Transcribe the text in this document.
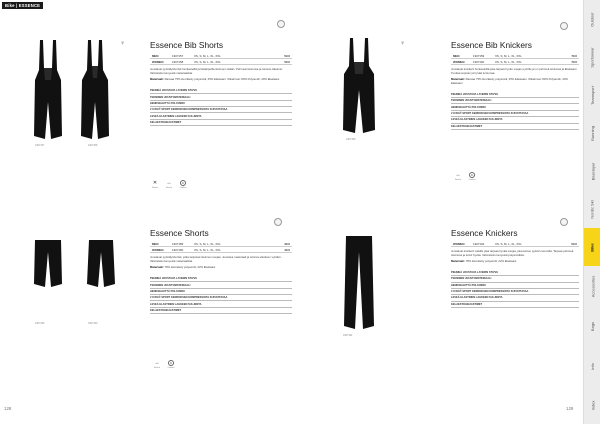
Bike | ESSENCE
Outdoor
Sportswear
Teamsport
Running
Baselayer
Nordic Ski
Bike
Accessories
Bags
Info
Index
♀
1907157	1907158
Essence Bib Shorts
MEN	1907157	XS, S, M, L, XL, XXL	59 €
WOMEN	1907158	XS, S, M, L, XL, XXL	59 €

Joustavat pyöräilyshortsit henkseleillä ja lisätarpeilla istuimen sisään. Pehmeä istuinosa ja toimiva olkaimet. Valmistettu kevyestä materiaalista.

Materiaali: Rasvaa 75% kierrätetty polyamidi, 25% Elastaani. Olkainmat: 80% Polyamidi, 20% Elastaani

PEHMEÄ JOUSTAVA LAYERIN STIVVA
TEKNINEN JOUSTOMATERIAALI
HENKSELEITTÄ POLYAMIDI
LYCRA® SPORT KERROKSEN KOMPRESSIOTA KUIVATTAVAA
LEVEÄ ELASTINEN LAHKEEN SULJENTA
KELAESTOHEIJASTIMET
✕
Elastic
↔
Stretch
C
Comfort
♀
1907159
Essence Bib Knickers
MEN	1907159	XS, S, M, L, XL, XXL	79 €
WOMEN	1907160	XS, S, M, L, XL, XXL	79 €

Joustavat knickerit henkseleillä joka tarjoaa hyvän suojan pyörille ja on pehmeä istuinosa ja Elastaani. Tuottaa sopivan ja hyvää tuntumaa.

Materiaali: Rasvaa 75% kierrätetty polyamidi, 25% Elastaani. Olkainmat: 80% Polyamidi, 20% Elastaani

PEHMEÄ JOUSTAVA LAYERIN STIVVA
TEKNINEN JOUSTOMATERIAALI
HENKSELEITTÄ POLYAMIDI
LYCRA® SPORT KERROKSEN KOMPRESSIOTA KUIVATTAVAA
LEVEÄ ELASTINEN LAHKEEN SULJENTA
KELAESTOHEIJASTIMET
↔
Stretch
C
Comfort
1907189	1907190
Essence Shorts
MEN	1907189	XS, S, M, L, XL, XXL	39 €
WOMEN	1907190	XS, S, M, L, XL, XXL	49 €

Joustavat pyöräilyshortsit, jotka tarjoavat istuimen suojaa. Joustava materiaali ja toimiva elastinen vyötärö. Valmistettu kevyestä materiaalista.

Materiaali: 78% kierrätetty polyamidi, 22% Elastaani

PEHMEÄ JOUSTAVA LAYERIN STIVVA
TEKNINEN JOUSTOMATERIAALI
HENKSELEITTÄ POLYAMIDI
LYCRA® SPORT KERROKSEN KOMPRESSIOTA KUIVATTAVAA
LEVEÄ ELASTINEN LAHKEEN SULJENTA
KELAESTOHEIJASTIMET
↔
Stretch
C
Comfort
1907194
Essence Knickers
WOMEN	1907194	XS, S, M, L, XL, XXL	59 €

Joustavat knickerit naisille joka tarjoaa hyvää suojaa, joka kertoo pyörän reunoilla. Tarjoaa pehmeä istuinosa ja toimii hyvää. Valmistettu kevyestä polyamidista.

Materiaali: 78% kierrätetty polyamidi, 22% Elastaani

PEHMEÄ JOUSTAVA LAYERIN STIVVA
TEKNINEN JOUSTOMATERIAALI
HENKSELEITTÄ POLYAMIDI
LYCRA® SPORT KERROKSEN KOMPRESSIOTA KUIVATTAVAA
LEVEÄ ELASTINEN LAHKEEN SULJENTA
KELAESTOHEIJASTIMET
128	129
